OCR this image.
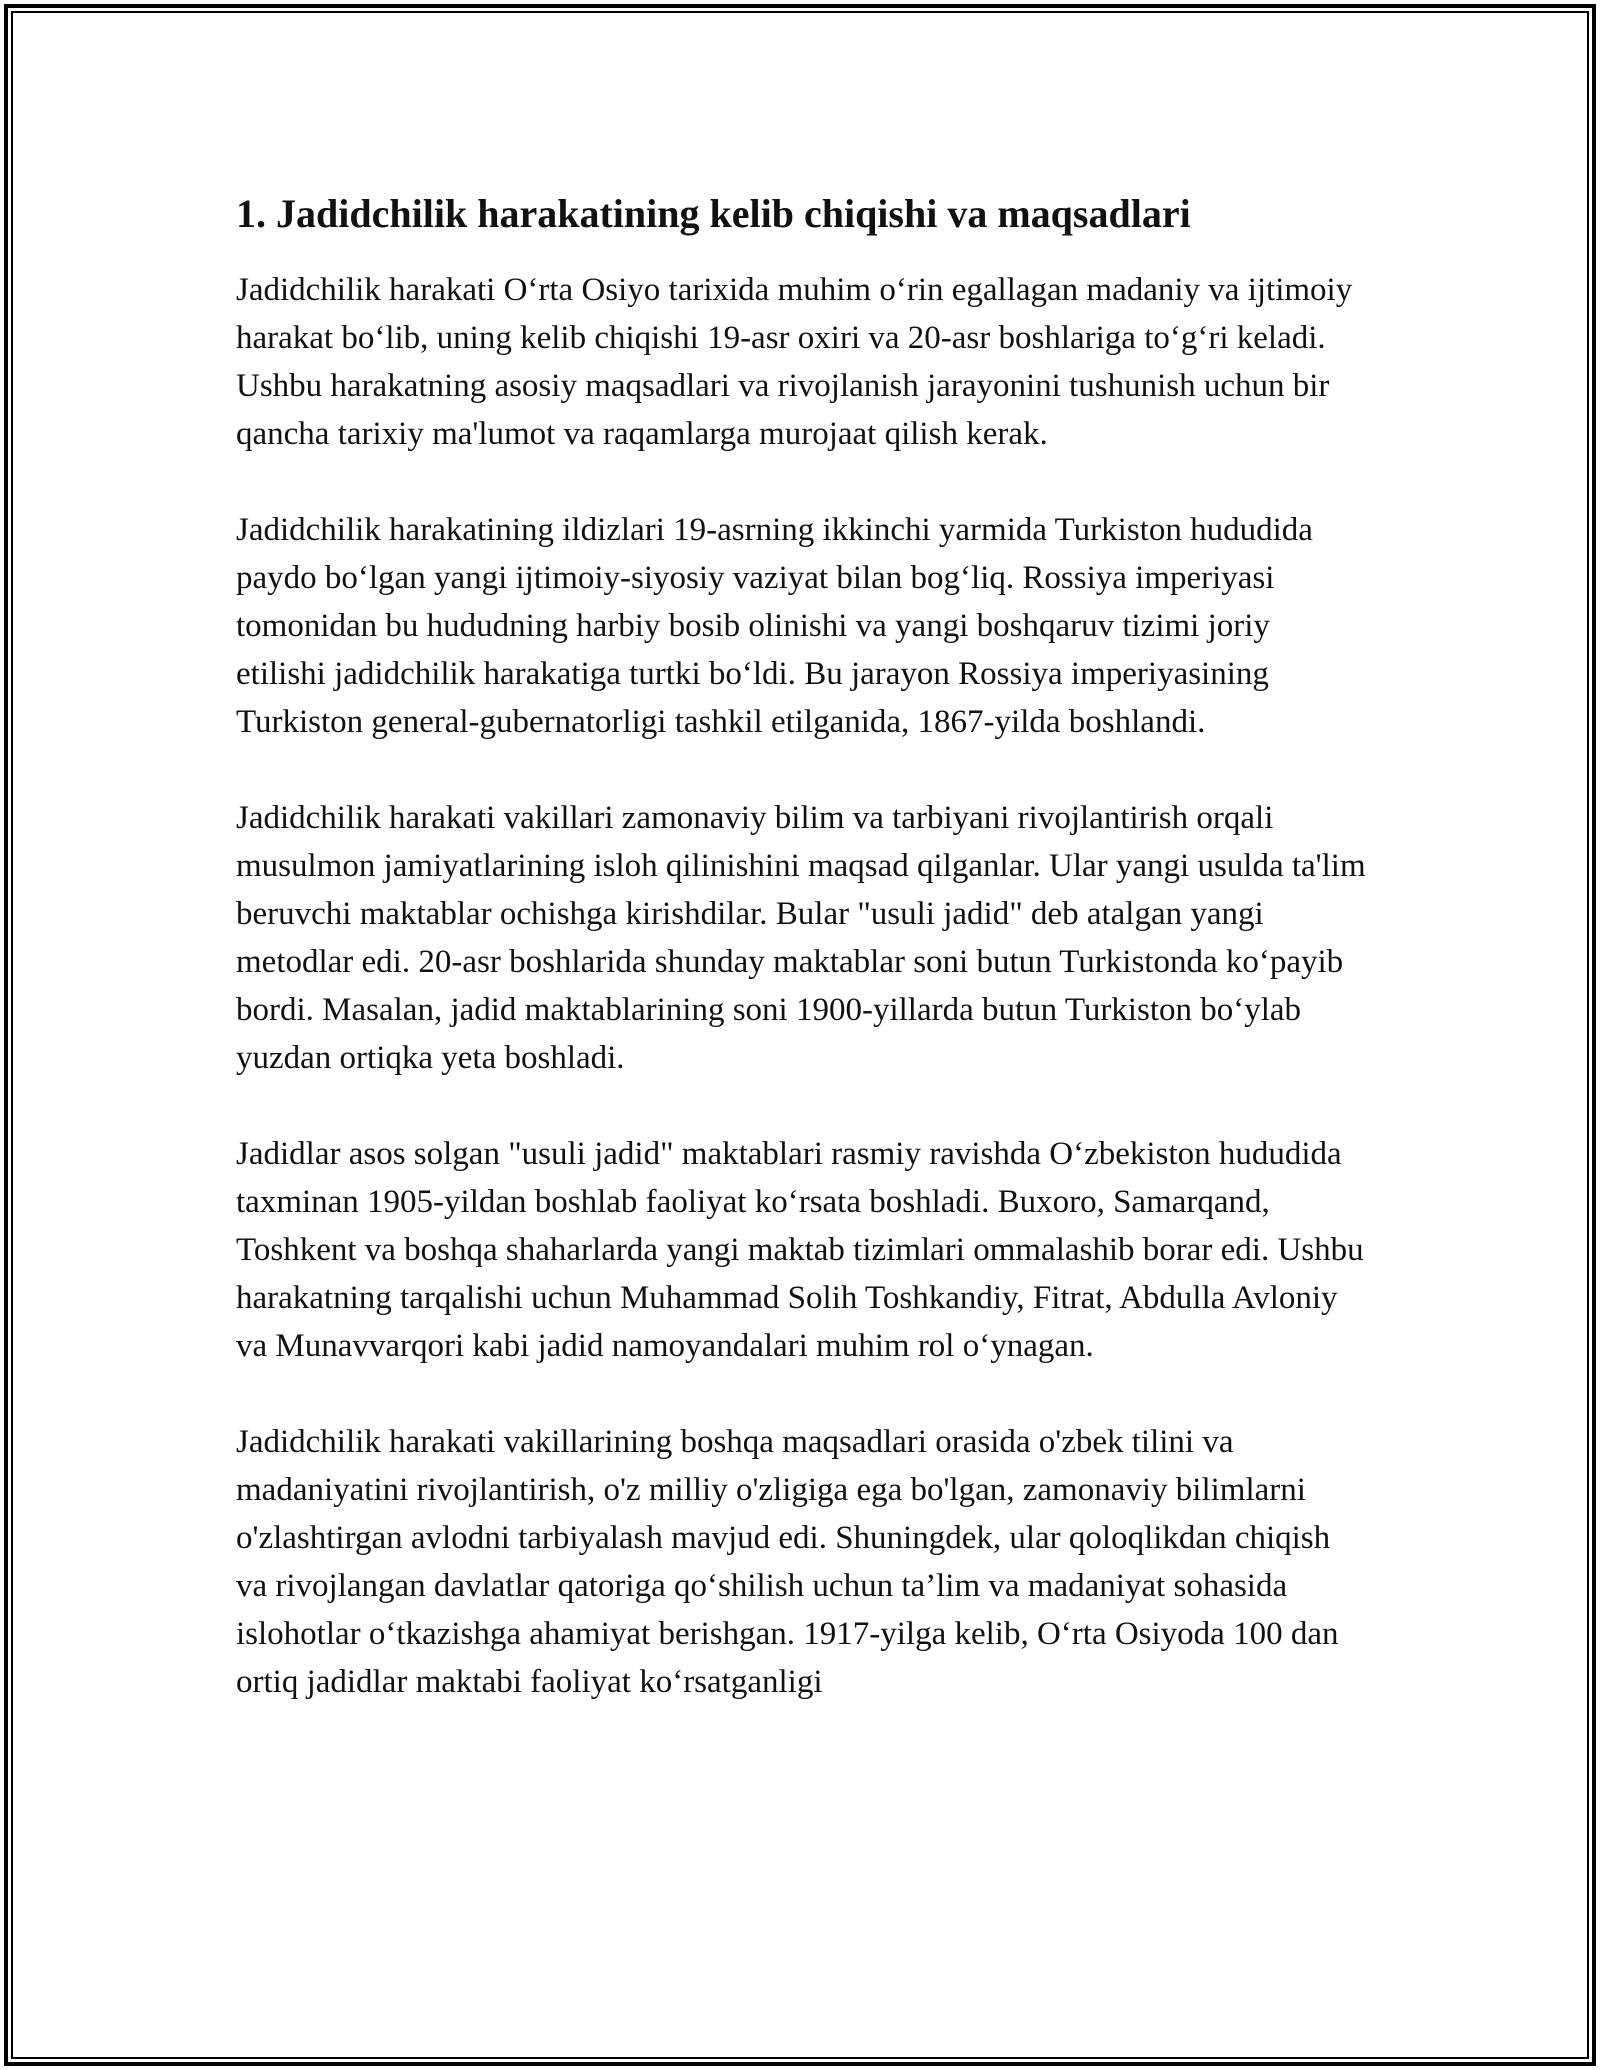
1. Jadidchilik harakatining kelib chiqishi va maqsadlari

Jadidchilik harakati O‘rta Osiyo tarixida muhim o‘rin egallagan madaniy va ijtimoiy harakat bo‘lib, uning kelib chiqishi 19-asr oxiri va 20-asr boshlariga to‘g‘ri keladi. Ushbu harakatning asosiy maqsadlari va rivojlanish jarayonini tushunish uchun bir qancha tarixiy ma'lumot va raqamlarga murojaat qilish kerak.

Jadidchilik harakatining ildizlari 19-asrning ikkinchi yarmida Turkiston hududida paydo bo‘lgan yangi ijtimoiy-siyosiy vaziyat bilan bog‘liq. Rossiya imperiyasi tomonidan bu hududning harbiy bosib olinishi va yangi boshqaruv tizimi joriy etilishi jadidchilik harakatiga turtki bo‘ldi. Bu jarayon Rossiya imperiyasining Turkiston general-gubernatorligi tashkil etilganida, 1867-yilda boshlandi.

Jadidchilik harakati vakillari zamonaviy bilim va tarbiyani rivojlantirish orqali musulmon jamiyatlarining isloh qilinishini maqsad qilganlar. Ular yangi usulda ta'lim beruvchi maktablar ochishga kirishdilar. Bular "usuli jadid" deb atalgan yangi metodlar edi. 20-asr boshlarida shunday maktablar soni butun Turkistonda ko‘payib bordi. Masalan, jadid maktablarining soni 1900-yillarda butun Turkiston bo‘ylab yuzdan ortiqka yeta boshladi.

Jadidlar asos solgan "usuli jadid" maktablari rasmiy ravishda O‘zbekiston hududida taxminan 1905-yildan boshlab faoliyat ko‘rsata boshladi. Buxoro, Samarqand, Toshkent va boshqa shaharlarda yangi maktab tizimlari ommalashib borar edi. Ushbu harakatning tarqalishi uchun Muhammad Solih Toshkandiy, Fitrat, Abdulla Avloniy va Munavvarqori kabi jadid namoyandalari muhim rol o‘ynagan.

Jadidchilik harakati vakillarining boshqa maqsadlari orasida o'zbek tilini va madaniyatini rivojlantirish, o'z milliy o'zligiga ega bo'lgan, zamonaviy bilimlarni o'zlashtirgan avlodni tarbiyalash mavjud edi. Shuningdek, ular qoloqlikdan chiqish va rivojlangan davlatlar qatoriga qo‘shilish uchun ta’lim va madaniyat sohasida islohotlar o‘tkazishga ahamiyat berishgan. 1917-yilga kelib, O‘rta Osiyoda 100 dan ortiq jadidlar maktabi faoliyat ko‘rsatganligi
